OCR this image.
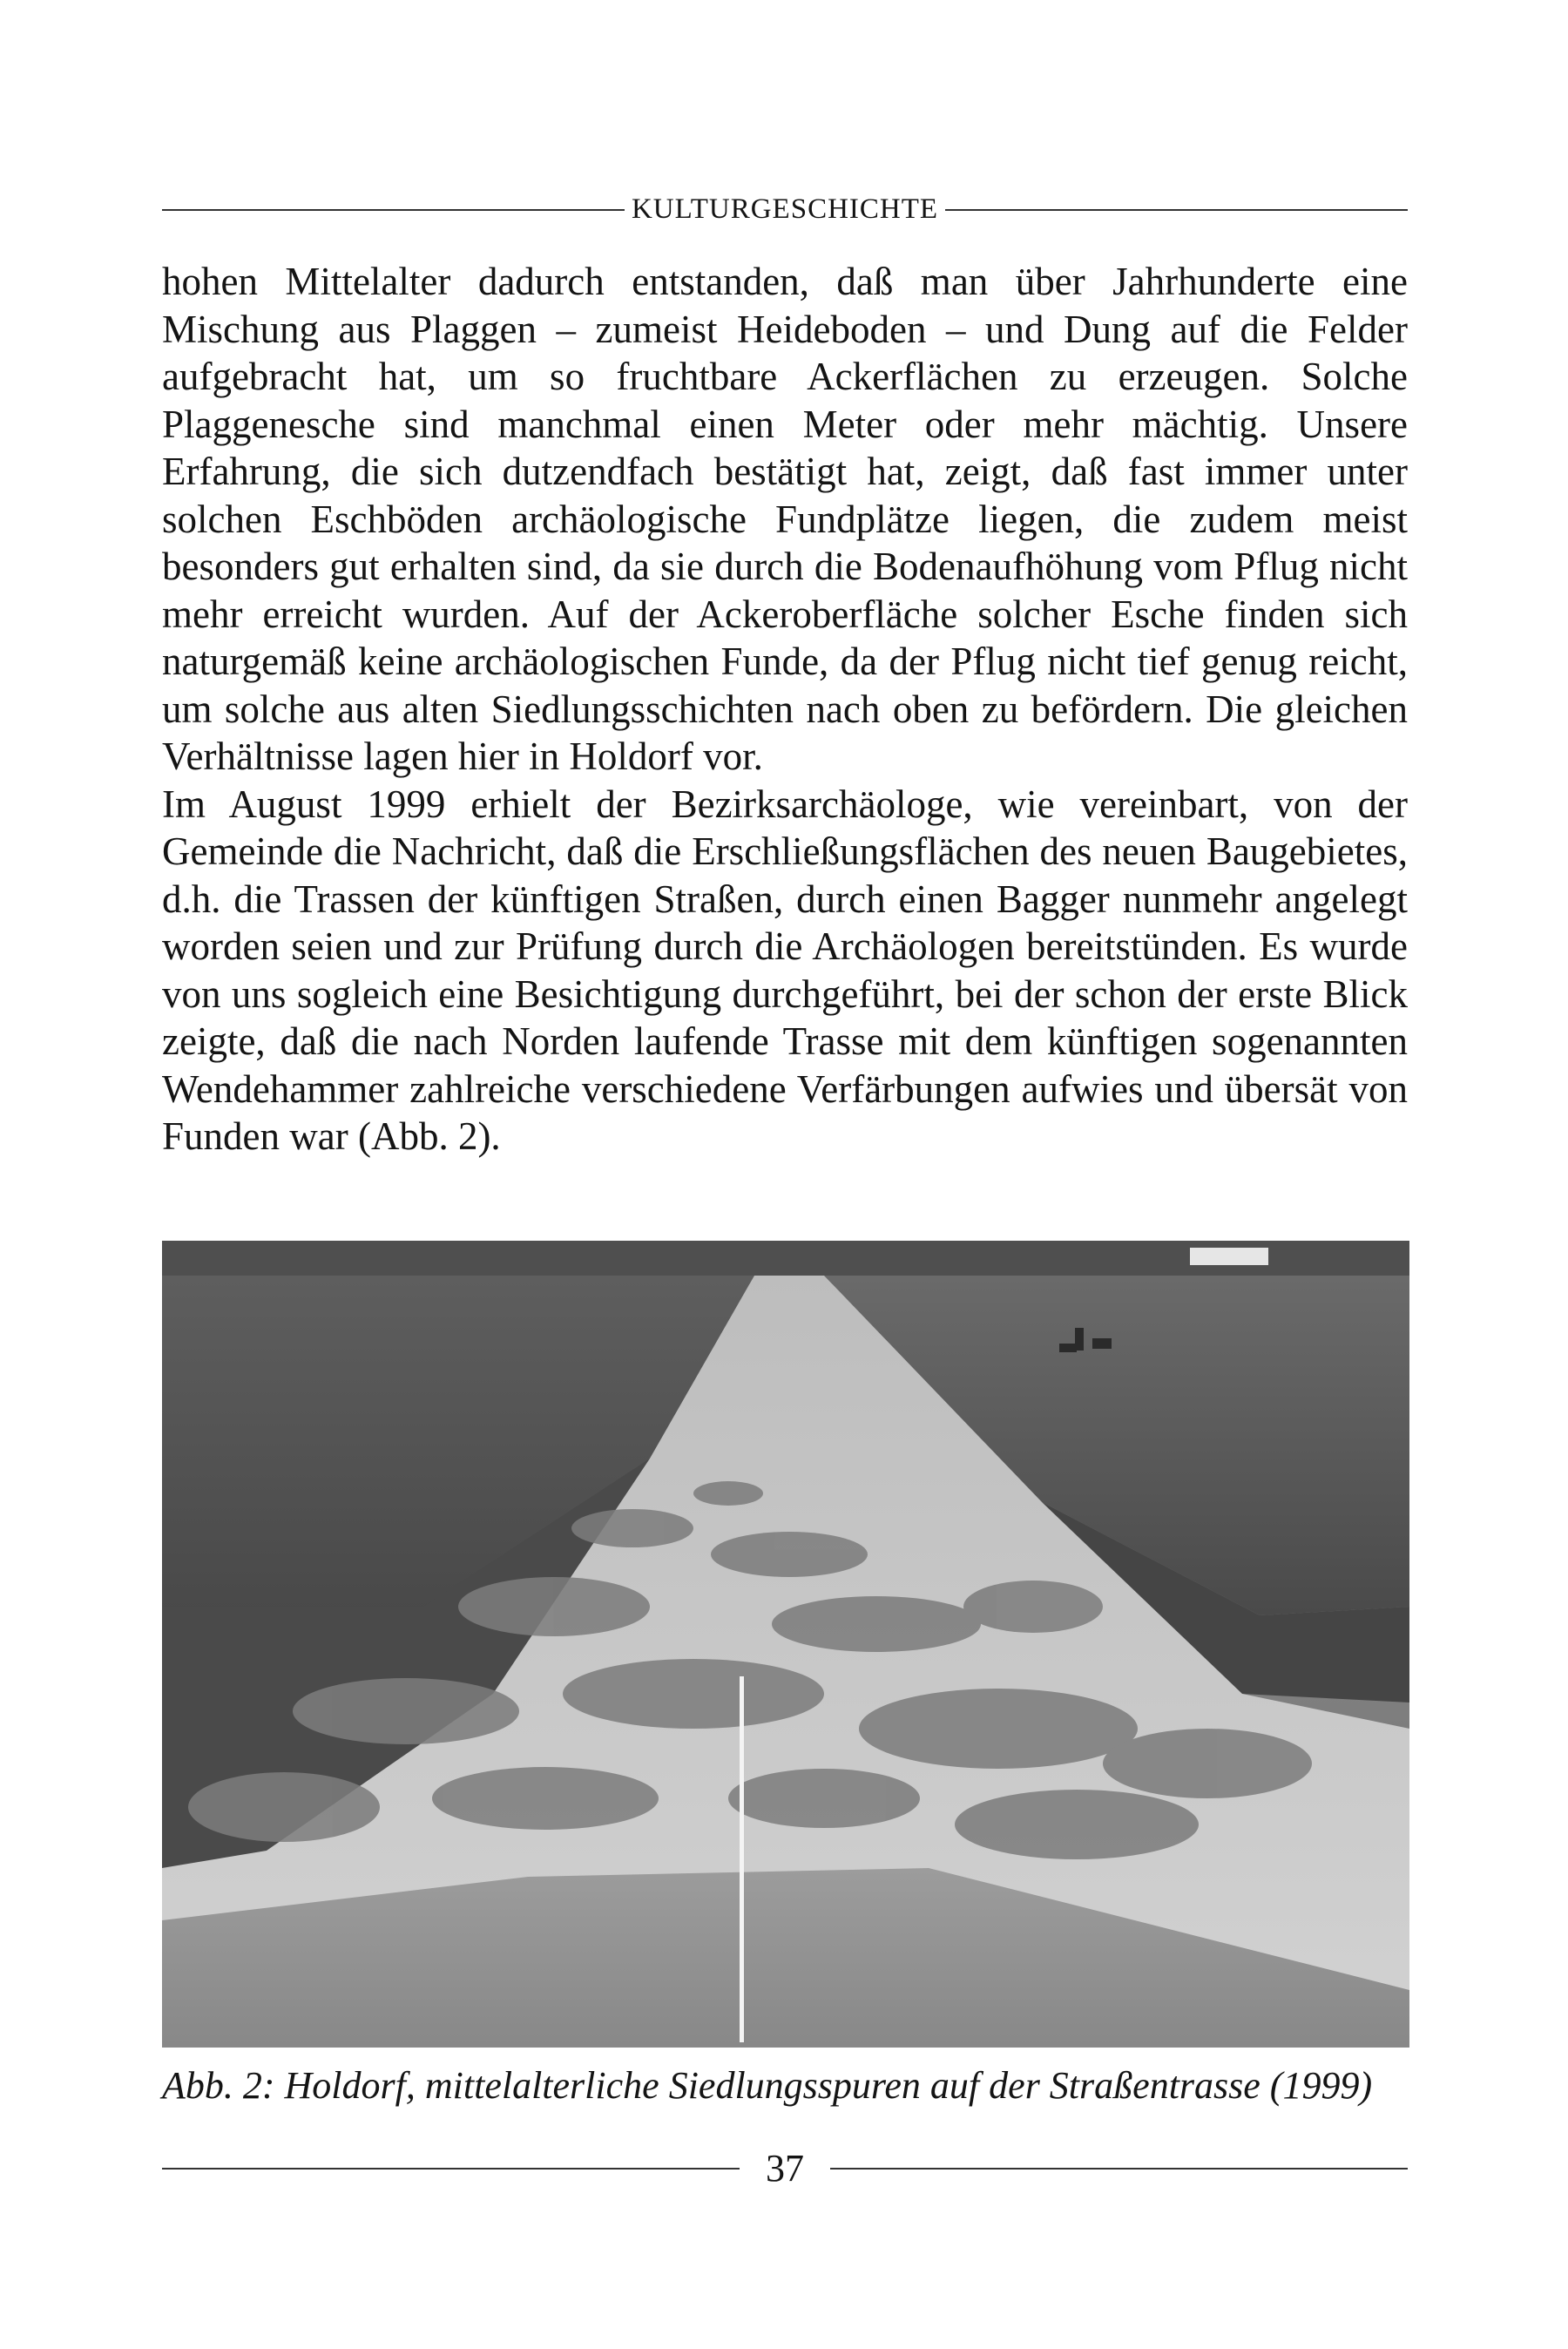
KULTURGESCHICHTE

hohen Mittelalter dadurch entstanden, daß man über Jahrhunderte eine Mischung aus Plaggen – zumeist Heideboden – und Dung auf die Felder aufgebracht hat, um so fruchtbare Ackerflächen zu erzeugen. Solche Plaggenesche sind manchmal einen Meter oder mehr mächtig. Unsere Erfahrung, die sich dutzendfach bestätigt hat, zeigt, daß fast immer unter solchen Eschböden archäologische Fundplätze liegen, die zudem meist besonders gut erhalten sind, da sie durch die Bodenaufhöhung vom Pflug nicht mehr erreicht wurden. Auf der Ackeroberfläche solcher Esche finden sich naturgemäß keine archäologischen Funde, da der Pflug nicht tief genug reicht, um solche aus alten Siedlungsschichten nach oben zu befördern. Die gleichen Verhältnisse lagen hier in Holdorf vor.

Im August 1999 erhielt der Bezirksarchäologe, wie vereinbart, von der Gemeinde die Nachricht, daß die Erschließungsflächen des neuen Baugebietes, d.h. die Trassen der künftigen Straßen, durch einen Bagger nunmehr angelegt worden seien und zur Prüfung durch die Archäologen bereitstünden. Es wurde von uns sogleich eine Besichtigung durchgeführt, bei der schon der erste Blick zeigte, daß die nach Norden laufende Trasse mit dem künftigen sogenannten Wendehammer zahlreiche verschiedene Verfärbungen aufwies und übersät von Funden war (Abb. 2).

Abb. 2: Holdorf, mittelalterliche Siedlungsspuren auf der Straßentrasse (1999)
37
